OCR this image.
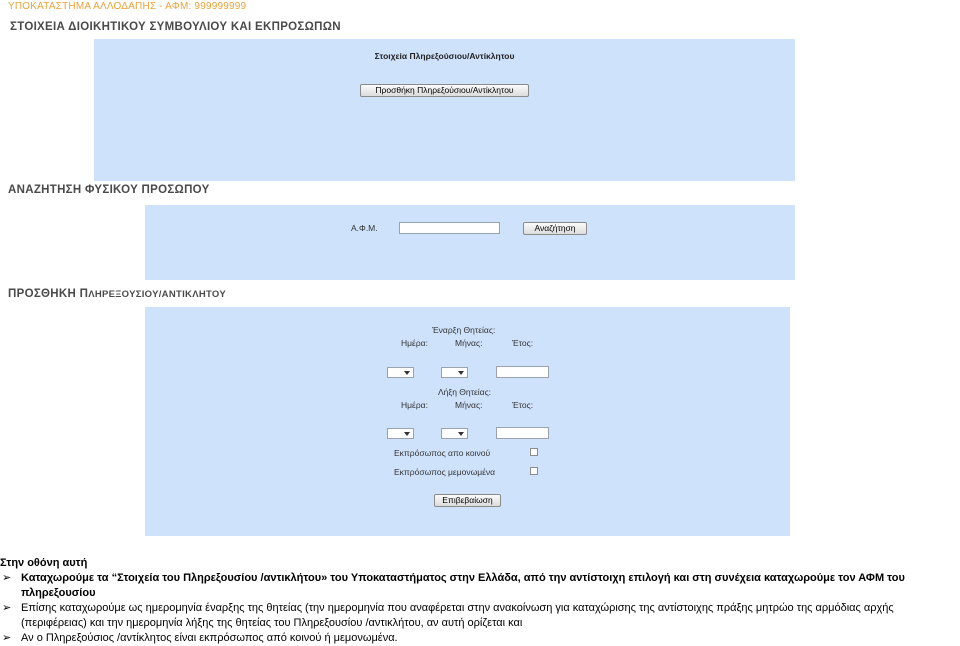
ΥΠΟΚΑΤΑΣΤΗΜΑ ΑΛΛΟΔΑΠΗΣ - ΑΦΜ: 999999999
ΣΤΟΙΧΕΙΑ ΔΙΟΙΚΗΤΙΚΟΥ ΣΥΜΒΟΥΛΙΟΥ ΚΑΙ ΕΚΠΡΟΣΩΠΩΝ
Στοιχεία Πληρεξούσιου/Αντίκλητου
Προσθήκη Πληρεξούσιου/Αντίκλητου
ΑΝΑΖΗΤΗΣΗ ΦΥΣΙΚΟΥ ΠΡΟΣΩΠΟΥ
Α.Φ.Μ.	Αναζήτηση
ΠΡΟΣΘΗΚΗ ΠΛΗΡΕΞΟΥΣΙΟΥ/ΑΝΤΙΚΛΗΤΟΥ
Έναρξη Θητείας:
Ημέρα:	Μήνας:	Έτος:
Λήξη Θητείας:
Ημέρα:	Μήνας:	Έτος:
Εκπρόσωπος απο κοινού
Εκπρόσωπος μεμονωμένα
Επιβεβαίωση
Στην οθόνη αυτή
➢ Καταχωρούμε τα “Στοιχεία του Πληρεξουσίου /αντικλήτου» του Υποκαταστήματος στην Ελλάδα, από την αντίστοιχη επιλογή και στη συνέχεια καταχωρούμε τον ΑΦΜ του πληρεξουσίου
➢ Επίσης καταχωρούμε ως ημερομηνία έναρξης της θητείας (την ημερομηνία που αναφέρεται στην ανακοίνωση για καταχώρισης της αντίστοιχης πράξης μητρώο της αρμόδιας αρχής (περιφέρειας) και την ημερομηνία λήξης της θητείας του Πληρεξουσίου /αντικλήτου, αν αυτή ορίζεται και
➢ Αν ο Πληρεξούσιος /αντίκλητος είναι εκπρόσωπος από κοινού ή μεμονωμένα.
